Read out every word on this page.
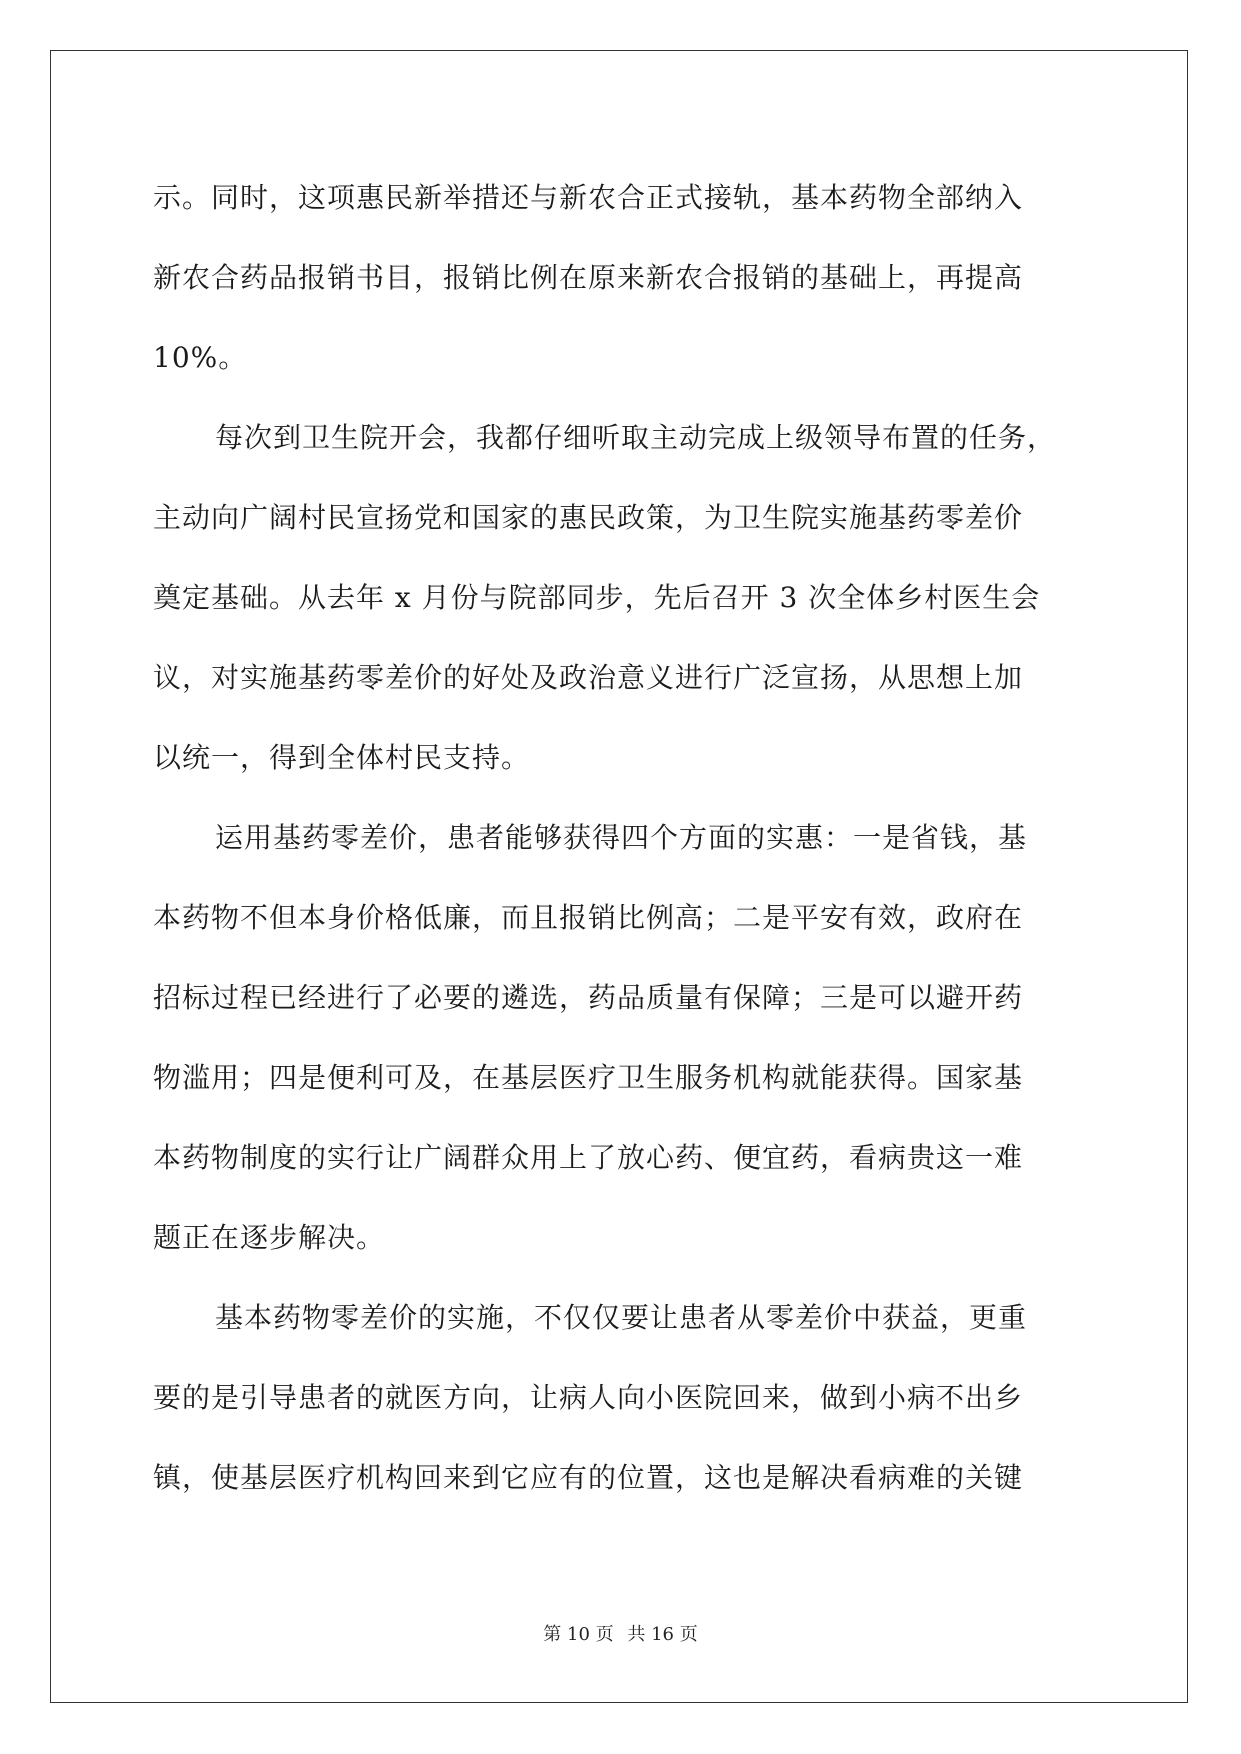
示。同时，这项惠民新举措还与新农合正式接轨，基本药物全部纳入
新农合药品报销书目，报销比例在原来新农合报销的基础上，再提高
10%。
每次到卫生院开会，我都仔细听取主动完成上级领导布置的任务，
主动向广阔村民宣扬党和国家的惠民政策，为卫生院实施基药零差价
奠定基础。从去年 x 月份与院部同步，先后召开 3 次全体乡村医生会
议，对实施基药零差价的好处及政治意义进行广泛宣扬，从思想上加
以统一，得到全体村民支持。
运用基药零差价，患者能够获得四个方面的实惠：一是省钱，基
本药物不但本身价格低廉，而且报销比例高；二是平安有效，政府在
招标过程已经进行了必要的遴选，药品质量有保障；三是可以避开药
物滥用；四是便利可及，在基层医疗卫生服务机构就能获得。国家基
本药物制度的实行让广阔群众用上了放心药、便宜药，看病贵这一难
题正在逐步解决。
基本药物零差价的实施，不仅仅要让患者从零差价中获益，更重
要的是引导患者的就医方向，让病人向小医院回来，做到小病不出乡
镇，使基层医疗机构回来到它应有的位置，这也是解决看病难的关键
第 10 页 共 16 页
